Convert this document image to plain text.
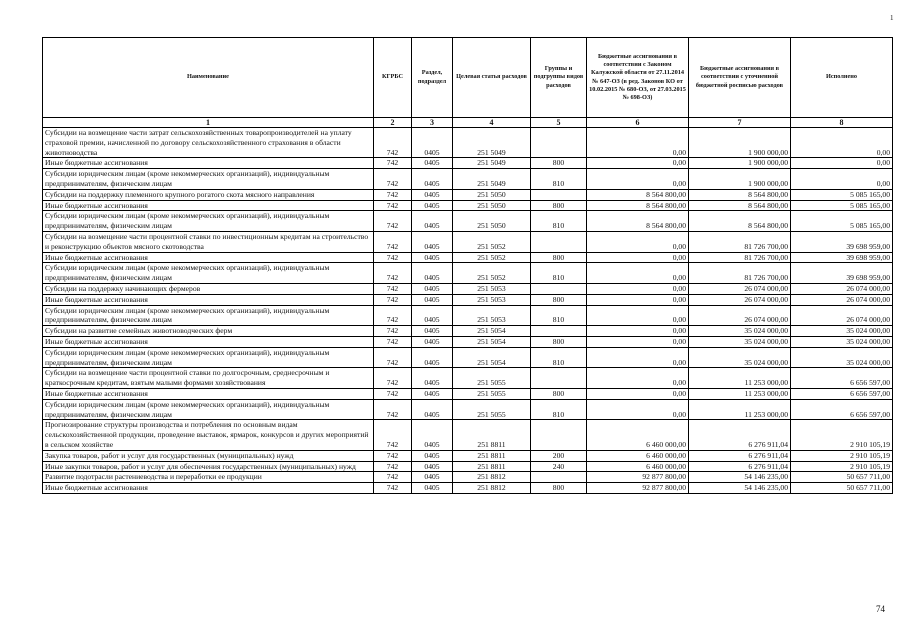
1
Наименование	КГРБС	Раздел, подраздел	Целевая статья расходов	Группы и подгруппы видов расходов	Бюджетные ассигнования в соответствии с Законом Калужской области от 27.11.2014 № 647-ОЗ (в ред. Законов КО от 10.02.2015 № 680-ОЗ, от 27.03.2015 № 698-ОЗ)	Бюджетные ассигнования в соответствии с уточненной бюджетной росписью расходов	Исполнено
1	2	3	4	5	6	7	8
Субсидии на возмещение части затрат сельскохозяйственных товаропроизводителей на уплату страховой премии, начисленной по договору сельскохозяйственного страхования в области животноводства	742	0405	251 5049		0,00	1 900 000,00	0,00
Иные бюджетные ассигнования	742	0405	251 5049	800	0,00	1 900 000,00	0,00
Субсидии юридическим лицам (кроме некоммерческих организаций), индивидуальным предпринимателям, физическим лицам	742	0405	251 5049	810	0,00	1 900 000,00	0,00
Субсидии на поддержку племенного крупного рогатого скота мясного направления	742	0405	251 5050		8 564 800,00	8 564 800,00	5 085 165,00
Иные бюджетные ассигнования	742	0405	251 5050	800	8 564 800,00	8 564 800,00	5 085 165,00
Субсидии юридическим лицам (кроме некоммерческих организаций), индивидуальным предпринимателям, физическим лицам	742	0405	251 5050	810	8 564 800,00	8 564 800,00	5 085 165,00
Субсидии на возмещение части процентной ставки по инвестиционным кредитам на строительство и реконструкцию объектов мясного скотоводства	742	0405	251 5052		0,00	81 726 700,00	39 698 959,00
Иные бюджетные ассигнования	742	0405	251 5052	800	0,00	81 726 700,00	39 698 959,00
Субсидии юридическим лицам (кроме некоммерческих организаций), индивидуальным предпринимателям, физическим лицам	742	0405	251 5052	810	0,00	81 726 700,00	39 698 959,00
Субсидии на поддержку начинающих фермеров	742	0405	251 5053		0,00	26 074 000,00	26 074 000,00
Иные бюджетные ассигнования	742	0405	251 5053	800	0,00	26 074 000,00	26 074 000,00
Субсидии юридическим лицам (кроме некоммерческих организаций), индивидуальным предпринимателям, физическим лицам	742	0405	251 5053	810	0,00	26 074 000,00	26 074 000,00
Субсидии на развитие семейных животноводческих ферм	742	0405	251 5054		0,00	35 024 000,00	35 024 000,00
Иные бюджетные ассигнования	742	0405	251 5054	800	0,00	35 024 000,00	35 024 000,00
Субсидии юридическим лицам (кроме некоммерческих организаций), индивидуальным предпринимателям, физическим лицам	742	0405	251 5054	810	0,00	35 024 000,00	35 024 000,00
Субсидии на возмещение части процентной ставки по долгосрочным, среднесрочным и краткосрочным кредитам, взятым малыми формами хозяйствования	742	0405	251 5055		0,00	11 253 000,00	6 656 597,00
Иные бюджетные ассигнования	742	0405	251 5055	800	0,00	11 253 000,00	6 656 597,00
Субсидии юридическим лицам (кроме некоммерческих организаций), индивидуальным предпринимателям, физическим лицам	742	0405	251 5055	810	0,00	11 253 000,00	6 656 597,00
Прогнозирование структуры производства и потребления по основным видам сельскохозяйственной продукции, проведение выставок, ярмарок, конкурсов и других мероприятий в сельском хозяйстве	742	0405	251 8811		6 460 000,00	6 276 911,04	2 910 105,19
Закупка товаров, работ и услуг для государственных (муниципальных) нужд	742	0405	251 8811	200	6 460 000,00	6 276 911,04	2 910 105,19
Иные закупки товаров, работ и услуг для обеспечения государственных (муниципальных) нужд	742	0405	251 8811	240	6 460 000,00	6 276 911,04	2 910 105,19
Развитие подотрасли растениеводства и переработки ее продукции	742	0405	251 8812		92 877 800,00	54 146 235,00	50 657 711,00
Иные бюджетные ассигнования	742	0405	251 8812	800	92 877 800,00	54 146 235,00	50 657 711,00
74
